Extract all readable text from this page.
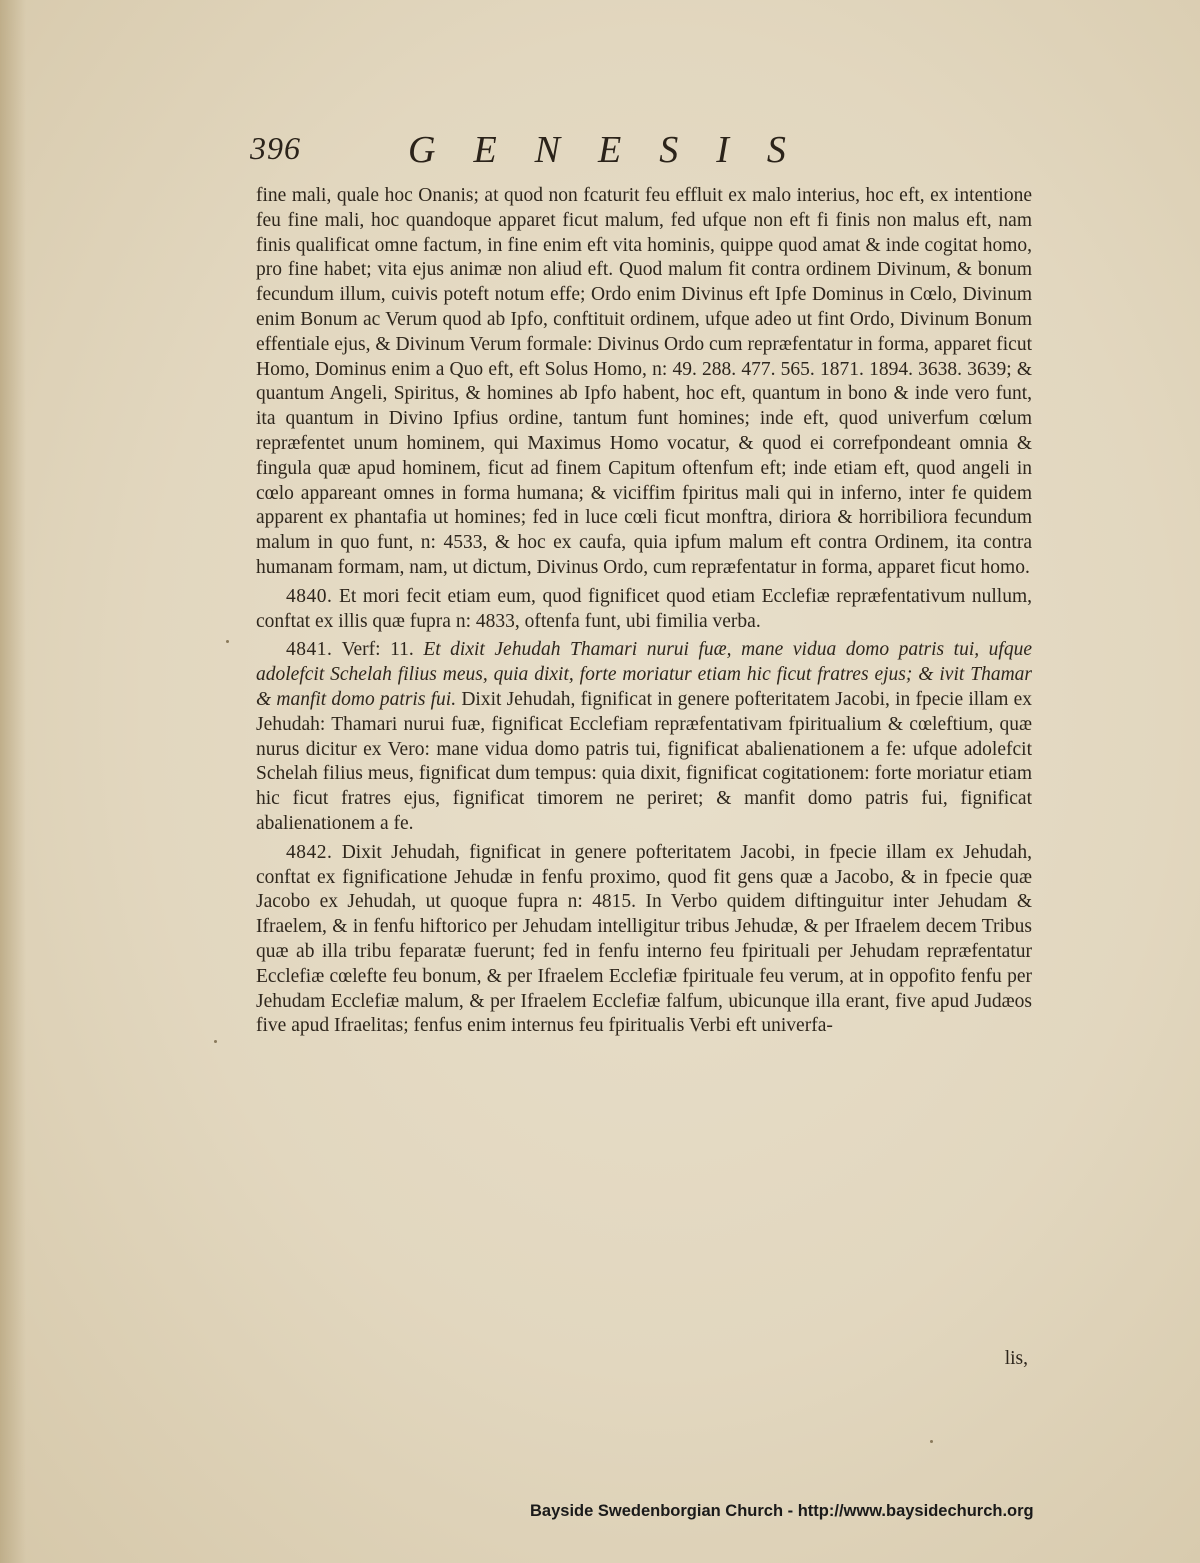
396	GENESIS

fine mali, quale hoc Onanis; at quod non fcaturit feu effluit ex malo interius, hoc eft, ex intentione feu fine mali, hoc quandoque apparet ficut malum, fed ufque non eft fi finis non malus eft, nam finis qualificat omne factum, in fine enim eft vita hominis, quippe quod amat & inde cogitat homo, pro fine habet; vita ejus animæ non aliud eft. Quod malum fit contra ordinem Divinum, & bonum fecundum illum, cuivis poteft notum effe; Ordo enim Divinus eft Ipfe Dominus in Cœlo, Divinum enim Bonum ac Verum quod ab Ipfo, conftituit ordinem, ufque adeo ut fint Ordo, Divinum Bonum effentiale ejus, & Divinum Verum formale: Divinus Ordo cum repræfentatur in forma, apparet ficut Homo, Dominus enim a Quo eft, eft Solus Homo, n: 49. 288. 477. 565. 1871. 1894. 3638. 3639; & quantum Angeli, Spiritus, & homines ab Ipfo habent, hoc eft, quantum in bono & inde vero funt, ita quantum in Divino Ipfius ordine, tantum funt homines; inde eft, quod univerfum cœlum repræfentet unum hominem, qui Maximus Homo vocatur, & quod ei correfpondeant omnia & fingula quæ apud hominem, ficut ad finem Capitum oftenfum eft; inde etiam eft, quod angeli in cœlo appareant omnes in forma humana; & viciffim fpiritus mali qui in inferno, inter fe quidem apparent ex phantafia ut homines; fed in luce cœli ficut monftra, diriora & horribiliora fecundum malum in quo funt, n: 4533, & hoc ex caufa, quia ipfum malum eft contra Ordinem, ita contra humanam formam, nam, ut dictum, Divinus Ordo, cum repræfentatur in forma, apparet ficut homo.

4840. Et mori fecit etiam eum, quod fignificet quod etiam Ecclefiæ repræfentativum nullum, conftat ex illis quæ fupra n: 4833, oftenfa funt, ubi fimilia verba.

4841. Verf: 11. Et dixit Jehudah Thamari nurui fuæ, mane vidua domo patris tui, ufque adolefcit Schelah filius meus, quia dixit, forte moriatur etiam hic ficut fratres ejus; & ivit Thamar & manfit domo patris fui. Dixit Jehudah, fignificat in genere pofteritatem Jacobi, in fpecie illam ex Jehudah: Thamari nurui fuæ, fignificat Ecclefiam repræfentativam fpiritualium & cœleftium, quæ nurus dicitur ex Vero: mane vidua domo patris tui, fignificat abalienationem a fe: ufque adolefcit Schelah filius meus, fignificat dum tempus: quia dixit, fignificat cogitationem: forte moriatur etiam hic ficut fratres ejus, fignificat timorem ne periret; & manfit domo patris fui, fignificat abalienationem a fe.

4842. Dixit Jehudah, fignificat in genere pofteritatem Jacobi, in fpecie illam ex Jehudah, conftat ex fignificatione Jehudæ in fenfu proximo, quod fit gens quæ a Jacobo, & in fpecie quæ Jacobo ex Jehudah, ut quoque fupra n: 4815. In Verbo quidem diftinguitur inter Jehudam & Ifraelem, & in fenfu hiftorico per Jehudam intelligitur tribus Jehudæ, & per Ifraelem decem Tribus quæ ab illa tribu feparatæ fuerunt; fed in fenfu interno feu fpirituali per Jehudam repræfentatur Ecclefiæ cœlefte feu bonum, & per Ifraelem Ecclefiæ fpirituale feu verum, at in oppofito fenfu per Jehudam Ecclefiæ malum, & per Ifraelem Ecclefiæ falfum, ubicunque illa erant, five apud Judæos five apud Ifraelitas; fenfus enim internus feu fpiritualis Verbi eft univerfa-

lis,
Bayside Swedenborgian Church - http://www.baysidechurch.org
